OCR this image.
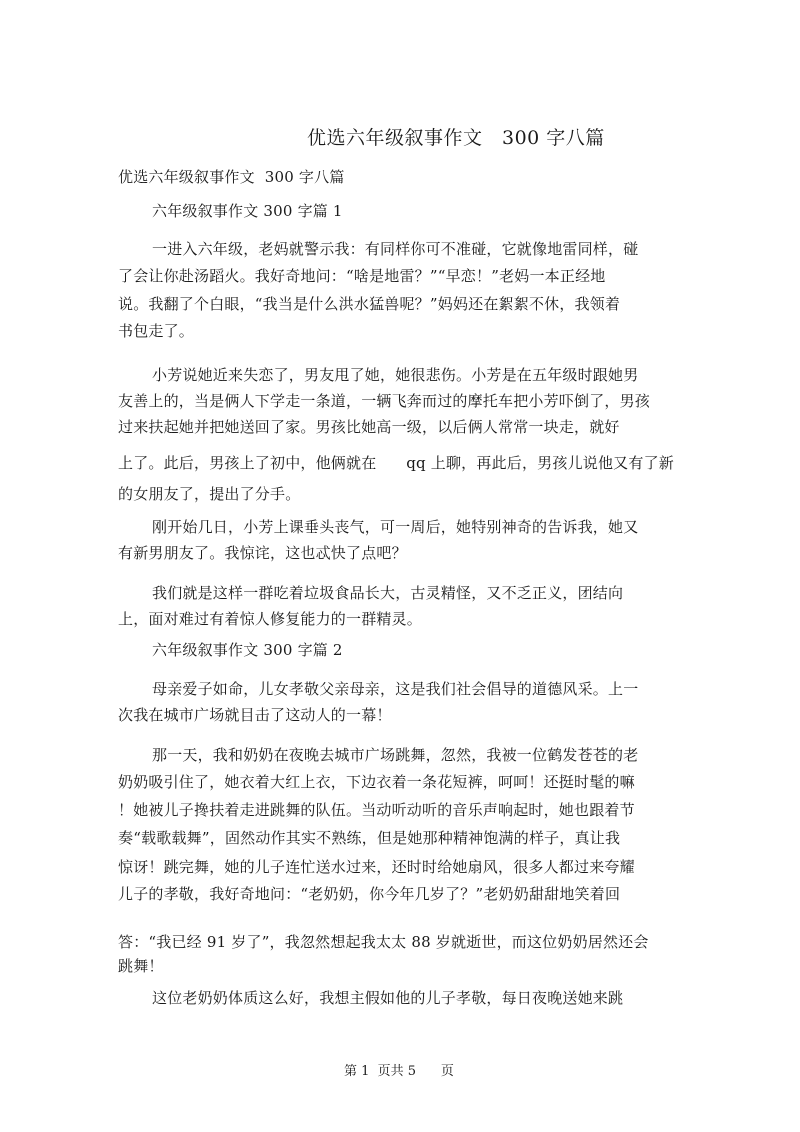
优选六年级叙事作文　300 字八篇
优选六年级叙事作文  300 字八篇
六年级叙事作文 300 字篇 1
一进入六年级，老妈就警示我：有同样你可不准碰，它就像地雷同样，碰
了会让你赴汤蹈火。我好奇地问：“啥是地雷？”“早恋！”老妈一本正经地
说。我翻了个白眼，“我当是什么洪水猛兽呢？”妈妈还在絮絮不休，我领着
书包走了。
小芳说她近来失恋了，男友甩了她，她很悲伤。小芳是在五年级时跟她男
友善上的，当是俩人下学走一条道，一辆飞奔而过的摩托车把小芳吓倒了，男孩
过来扶起她并把她送回了家。男孩比她高一级，以后俩人常常一块走，就好
上了。此后，男孩上了初中，他俩就在      qq 上聊，再此后，男孩儿说他又有了新
的女朋友了，提出了分手。
刚开始几日，小芳上课垂头丧气，可一周后，她特别神奇的告诉我，她又
有新男朋友了。我惊诧，这也忒快了点吧？
我们就是这样一群吃着垃圾食品长大，古灵精怪，又不乏正义，团结向
上，面对难过有着惊人修复能力的一群精灵。
六年级叙事作文 300 字篇 2
母亲爱子如命，儿女孝敬父亲母亲，这是我们社会倡导的道德风采。上一
次我在城市广场就目击了这动人的一幕！
那一天，我和奶奶在夜晚去城市广场跳舞，忽然，我被一位鹤发苍苍的老
奶奶吸引住了，她衣着大红上衣，下边衣着一条花短裤，呵呵！还挺时髦的嘛
！她被儿子搀扶着走进跳舞的队伍。当动听动听的音乐声响起时，她也跟着节
奏“载歌载舞”，固然动作其实不熟练，但是她那种精神饱满的样子，真让我
惊讶！跳完舞，她的儿子连忙送水过来，还时时给她扇风，很多人都过来夸耀
儿子的孝敬，我好奇地问：“老奶奶，你今年几岁了？”老奶奶甜甜地笑着回
答：“我已经 91 岁了”，我忽然想起我太太 88 岁就逝世，而这位奶奶居然还会
跳舞！
这位老奶奶体质这么好，我想主假如他的儿子孝敬，每日夜晚送她来跳
第 1  页共 5      页
